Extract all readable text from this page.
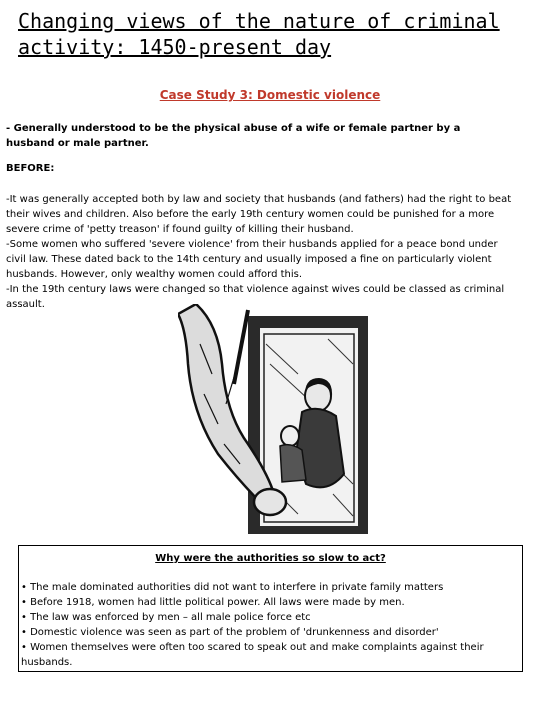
Changing views of the nature of criminal activity: 1450-present day
Case Study 3: Domestic violence
- Generally understood to be the physical abuse of a wife or female partner by a husband or male partner.
BEFORE:

-It was generally accepted both by law and society that husbands (and fathers) had the right to beat their wives and children. Also before the early 19th century women could be punished for a more severe crime of 'petty treason' if found guilty of killing their husband.

-Some women who suffered 'severe violence' from their husbands applied for a peace bond under civil law. These dated back to the 14th century and usually imposed a fine on particularly violent husbands. However, only wealthy women could afford this.

-In the 19th century laws were changed so that violence against wives could be classed as criminal assault.

Why were the authorities so slow to act?
• The male dominated authorities did not want to interfere in private family matters
• Before 1918, women had little political power. All laws were made by men.
• The law was enforced by men – all male police force etc
• Domestic violence was seen as part of the problem of 'drunkenness and disorder'
• Women themselves were often too scared to speak out and make complaints against their husbands.
